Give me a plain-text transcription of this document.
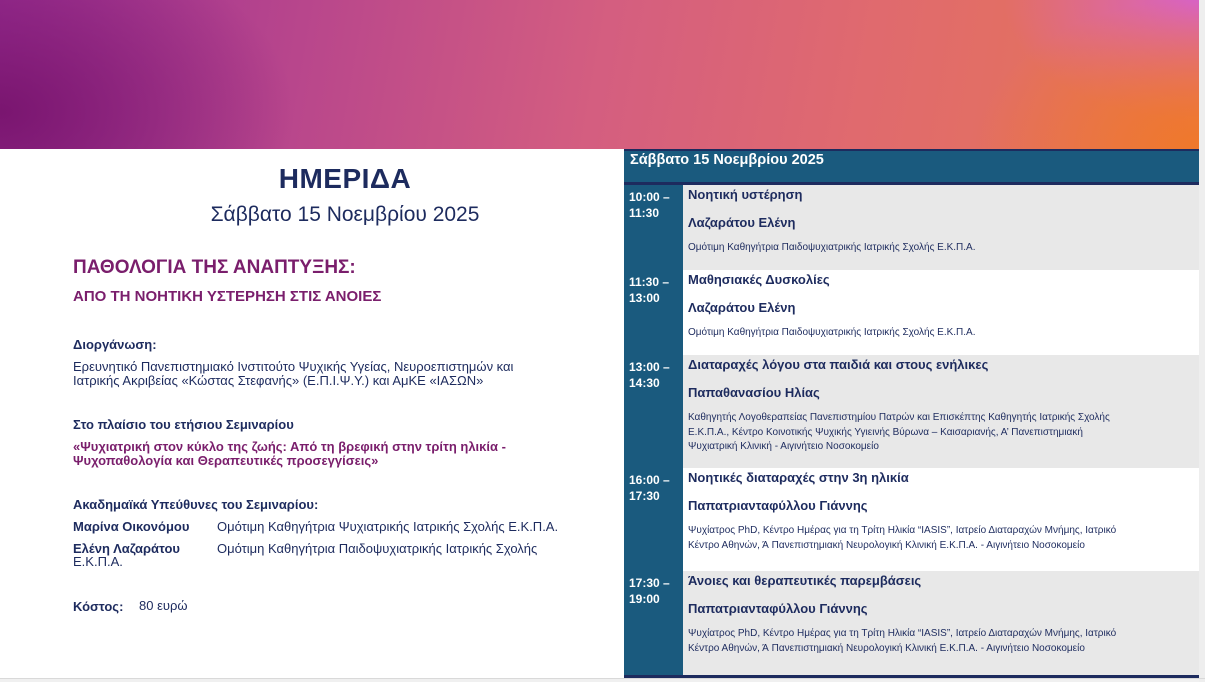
ΗΜΕΡΙΔΑ
Σάββατο 15 Νοεμβρίου 2025
ΠΑΘΟΛΟΓΙΑ ΤΗΣ ΑΝΑΠΤΥΞΗΣ:
ΑΠΟ ΤΗ ΝΟΗΤΙΚΗ ΥΣΤΕΡΗΣΗ ΣΤΙΣ ΑΝΟΙΕΣ
Διοργάνωση:
Ερευνητικό Πανεπιστημιακό Ινστιτούτο Ψυχικής Υγείας, Νευροεπιστημών και
Ιατρικής Ακριβείας «Κώστας Στεφανής» (Ε.Π.Ι.Ψ.Υ.) και ΑμΚΕ «ΙΑΣΩΝ»
Στο πλαίσιο του ετήσιου Σεμιναρίου
«Ψυχιατρική στον κύκλο της ζωής: Από τη βρεφική στην τρίτη ηλικία -
Ψυχοπαθολογία και Θεραπευτικές προσεγγίσεις»
Ακαδημαϊκά Υπεύθυνες του Σεμιναρίου:
Μαρίνα Οικονόμου Ομότιμη Καθηγήτρια Ψυχιατρικής Ιατρικής Σχολής Ε.Κ.Π.Α.
Ελένη Λαζαράτου	Ομότιμη Καθηγήτρια Παιδοψυχιατρικής Ιατρικής Σχολής
Ε.Κ.Π.Α.
Κόστος: 80 ευρώ
Σάββατο 15 Νοεμβρίου 2025
10:00 –
11:30
Νοητική υστέρηση
Λαζαράτου Ελένη
Ομότιμη Καθηγήτρια Παιδοψυχιατρικής Ιατρικής Σχολής Ε.Κ.Π.Α.
11:30 –
13:00
Μαθησιακές Δυσκολίες
Λαζαράτου Ελένη
Ομότιμη Καθηγήτρια Παιδοψυχιατρικής Ιατρικής Σχολής Ε.Κ.Π.Α.
13:00 –
14:30
Διαταραχές λόγου στα παιδιά και στους ενήλικες
Παπαθανασίου Ηλίας
Καθηγητής Λογοθεραπείας Πανεπιστημίου Πατρών και Επισκέπτης Καθηγητής Ιατρικής Σχολής
Ε.Κ.Π.Α., Κέντρο Κοινοτικής Ψυχικής Υγιεινής Βύρωνα – Καισαριανής, Α’ Πανεπιστημιακή
Ψυχιατρική Κλινική - Αιγινήτειο Νοσοκομείο
16:00 –
17:30
Νοητικές διαταραχές στην 3η ηλικία
Παπατριανταφύλλου Γιάννης
Ψυχίατρος PhD, Κέντρο Ημέρας για τη Τρίτη Ηλικία “IASIS”, Ιατρείο Διαταραχών Μνήμης, Ιατρικό
Κέντρο Αθηνών, Ά Πανεπιστημιακή Νευρολογική Κλινική Ε.Κ.Π.Α. - Αιγινήτειο Νοσοκομείο
17:30 –
19:00
Άνοιες και θεραπευτικές παρεμβάσεις
Παπατριανταφύλλου Γιάννης
Ψυχίατρος PhD, Κέντρο Ημέρας για τη Τρίτη Ηλικία “IASIS”, Ιατρείο Διαταραχών Μνήμης, Ιατρικό
Κέντρο Αθηνών, Ά Πανεπιστημιακή Νευρολογική Κλινική Ε.Κ.Π.Α. - Αιγινήτειο Νοσοκομείο
